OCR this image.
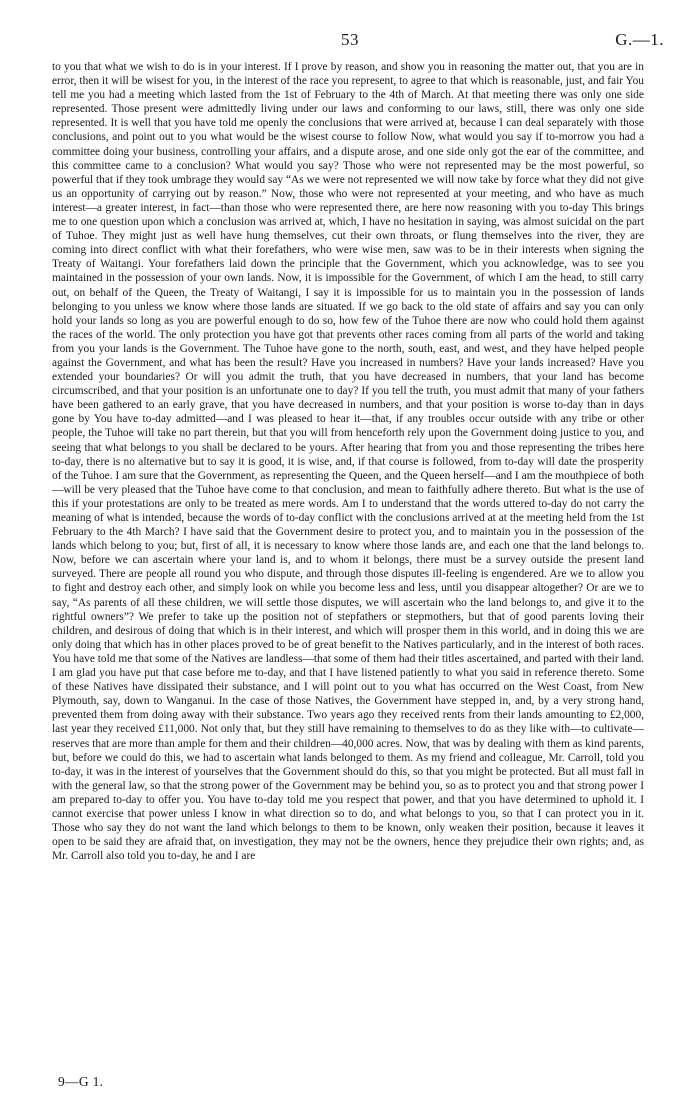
53	G.—1.

to you that what we wish to do is in your interest. If I prove by reason, and show you in reasoning the matter out, that you are in error, then it will be wisest for you, in the interest of the race you represent, to agree to that which is reasonable, just, and fair You tell me you had a meeting which lasted from the 1st of February to the 4th of March. At that meeting there was only one side represented. Those present were admittedly living under our laws and conforming to our laws, still, there was only one side represented. It is well that you have told me openly the conclusions that were arrived at, because I can deal separately with those conclusions, and point out to you what would be the wisest course to follow Now, what would you say if to-morrow you had a committee doing your business, controlling your affairs, and a dispute arose, and one side only got the ear of the committee, and this committee came to a conclusion? What would you say? Those who were not represented may be the most powerful, so powerful that if they took umbrage they would say “As we were not represented we will now take by force what they did not give us an opportunity of carrying out by reason.” Now, those who were not represented at your meeting, and who have as much interest—a greater interest, in fact—than those who were represented there, are here now reasoning with you to-day This brings me to one question upon which a conclusion was arrived at, which, I have no hesitation in saying, was almost suicidal on the part of Tuhoe. They might just as well have hung themselves, cut their own throats, or flung themselves into the river, they are coming into direct conflict with what their forefathers, who were wise men, saw was to be in their interests when signing the Treaty of Waitangi. Your forefathers laid down the principle that the Government, which you acknowledge, was to see you maintained in the possession of your own lands. Now, it is impossible for the Government, of which I am the head, to still carry out, on behalf of the Queen, the Treaty of Waitangi, I say it is impossible for us to maintain you in the possession of lands belonging to you unless we know where those lands are situated. If we go back to the old state of affairs and say you can only hold your lands so long as you are powerful enough to do so, how few of the Tuhoe there are now who could hold them against the races of the world. The only protection you have got that prevents other races coming from all parts of the world and taking from you your lands is the Government. The Tuhoe have gone to the north, south, east, and west, and they have helped people against the Government, and what has been the result? Have you increased in numbers? Have your lands increased? Have you extended your boundaries? Or will you admit the truth, that you have decreased in numbers, that your land has become circumscribed, and that your position is an unfortunate one to day? If you tell the truth, you must admit that many of your fathers have been gathered to an early grave, that you have decreased in numbers, and that your position is worse to-day than in days gone by You have to-day admitted—and I was pleased to hear it—that, if any troubles occur outside with any tribe or other people, the Tuhoe will take no part therein, but that you will from henceforth rely upon the Government doing justice to you, and seeing that what belongs to you shall be declared to be yours. After hearing that from you and those representing the tribes here to-day, there is no alternative but to say it is good, it is wise, and, if that course is followed, from to-day will date the prosperity of the Tuhoe. I am sure that the Government, as representing the Queen, and the Queen herself—and I am the mouthpiece of both—will be very pleased that the Tuhoe have come to that conclusion, and mean to faithfully adhere thereto. But what is the use of this if your protestations are only to be treated as mere words. Am I to understand that the words uttered to-day do not carry the meaning of what is intended, because the words of to-day conflict with the conclusions arrived at at the meeting held from the 1st February to the 4th March? I have said that the Government desire to protect you, and to maintain you in the possession of the lands which belong to you; but, first of all, it is necessary to know where those lands are, and each one that the land belongs to. Now, before we can ascertain where your land is, and to whom it belongs, there must be a survey outside the present land surveyed. There are people all round you who dispute, and through those disputes ill-feeling is engendered. Are we to allow you to fight and destroy each other, and simply look on while you become less and less, until you disappear altogether? Or are we to say, “As parents of all these children, we will settle those disputes, we will ascertain who the land belongs to, and give it to the rightful owners”? We prefer to take up the position not of stepfathers or stepmothers, but that of good parents loving their children, and desirous of doing that which is in their interest, and which will prosper them in this world, and in doing this we are only doing that which has in other places proved to be of great benefit to the Natives particularly, and in the interest of both races. You have told me that some of the Natives are landless—that some of them had their titles ascertained, and parted with their land. I am glad you have put that case before me to-day, and that I have listened patiently to what you said in reference thereto. Some of these Natives have dissipated their substance, and I will point out to you what has occurred on the West Coast, from New Plymouth, say, down to Wanganui. In the case of those Natives, the Government have stepped in, and, by a very strong hand, prevented them from doing away with their substance. Two years ago they received rents from their lands amounting to £2,000, last year they received £11,000. Not only that, but they still have remaining to themselves to do as they like with—to cultivate—reserves that are more than ample for them and their children—40,000 acres. Now, that was by dealing with them as kind parents, but, before we could do this, we had to ascertain what lands belonged to them. As my friend and colleague, Mr. Carroll, told you to-day, it was in the interest of yourselves that the Government should do this, so that you might be protected. But all must fall in with the general law, so that the strong power of the Government may be behind you, so as to protect you and that strong power I am prepared to-day to offer you. You have to-day told me you respect that power, and that you have determined to uphold it. I cannot exercise that power unless I know in what direction so to do, and what belongs to you, so that I can protect you in it. Those who say they do not want the land which belongs to them to be known, only weaken their position, because it leaves it open to be said they are afraid that, on investigation, they may not be the owners, hence they prejudice their own rights; and, as Mr. Carroll also told you to-day, he and I are

9—G 1.
